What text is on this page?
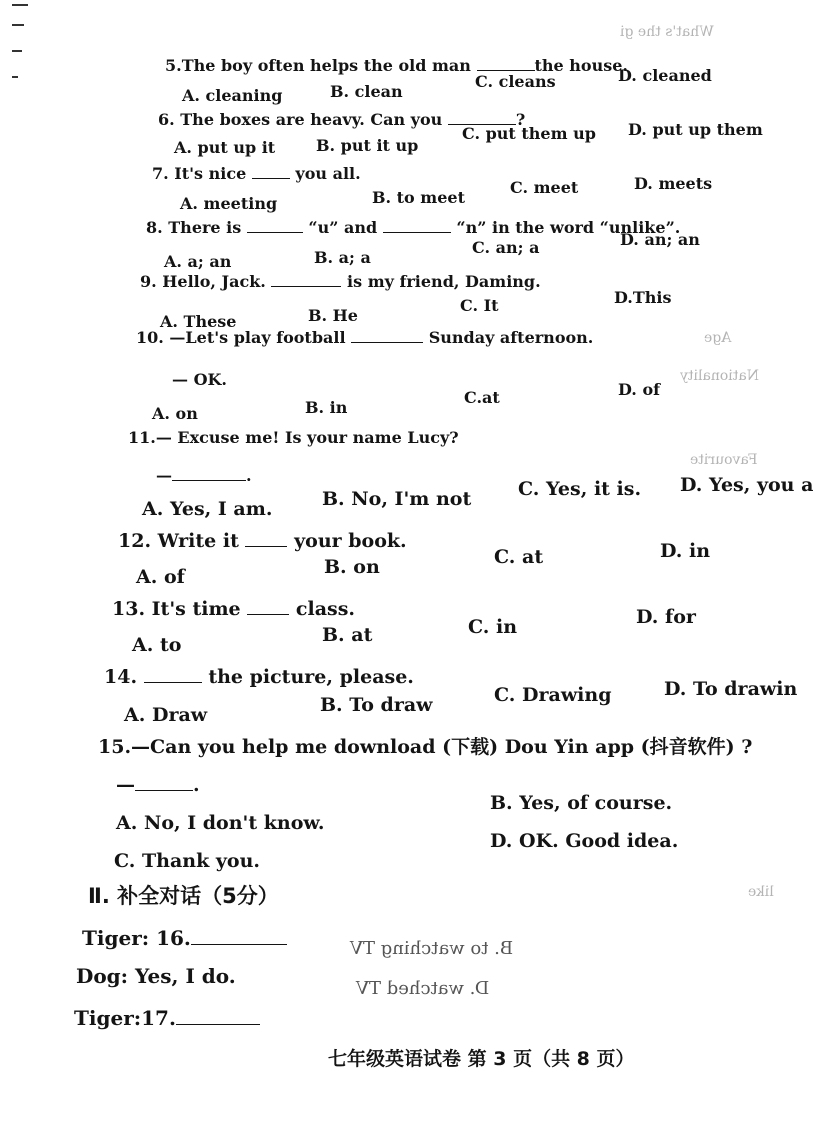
What's the gi
Age
Nationality
Favourite
like
B. to watching TV
D. watched TV
5.The boy often helps the old man	the house.
A. cleaning	B. clean
C. cleans	D. cleaned
6. The boxes are heavy. Can you	?
A. put up it	B. put it up
C. put them up D. put up them
7. It's nice	you all.
A. meeting	B. to meet
C. meet	D. meets
8. There is	“u” and	“n” in the word “unlike”.
A. a; an	B. a; a
C. an; a	D. an; an
9. Hello, Jack.	is my friend, Daming.
A. These	B. He
C. It	D.This
10. —Let's play football	Sunday afternoon.
— OK.
A. on	B. in
C.at	D. of
11.— Excuse me! Is your name Lucy?
—	.
A. Yes, I am.	B. No, I'm not C. Yes, it is. D. Yes, you a
12. Write it	your book.
A. of	B. on	C. at	D. in
13. It's time	class.
A. to	B. at	C. in	D. for
14.	the picture, please.
A. Draw	B. To draw	C. Drawing	D. To drawin
15.—Can you help me download (下载) Dou Yin app (抖音软件) ?
—	.
A. No, I don't know.
B. Yes, of course.
C. Thank you.
D. OK. Good idea.
Ⅱ. 补全对话（5分）
Tiger: 16.
Dog: Yes, I do.
Tiger:17.
七年级英语试卷 第 3 页（共 8 页）
